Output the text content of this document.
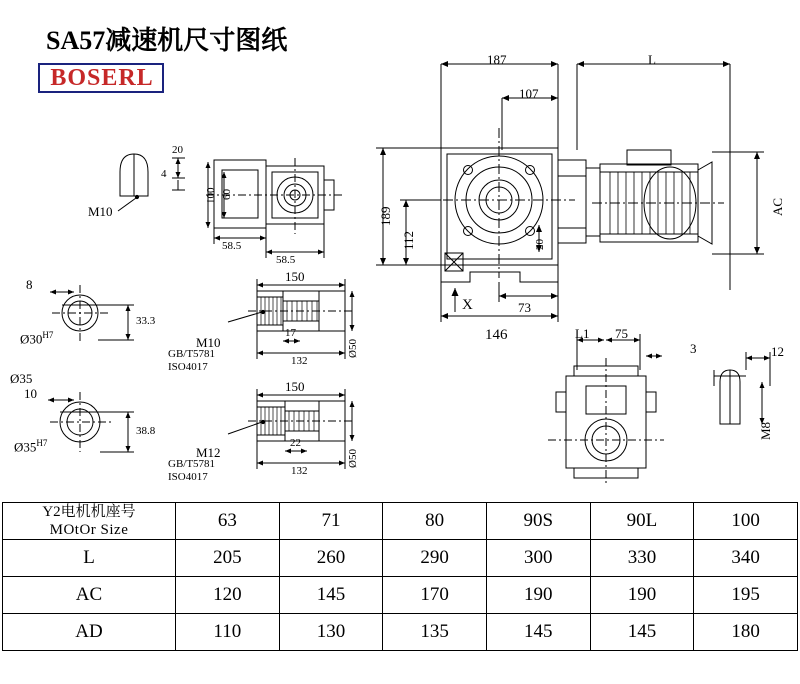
SA57减速机尺寸图纸
BOSERL
187
107
L
189
112
AC
20
146
73
X
20
4
M10
100 60
58.5
58.5
8
$Ø30^{H7}$
33.3
Ø35
10
$Ø35^{H7}$
38.8
150
M10
GB/T5781
ISO4017
17
132
Ø50
150
M12
GB/T5781
ISO4017
22
132
Ø50
L1 75
3	12
M8
Y2电机机座号
MOtOr Size	63	71	80	90S	90L	100
L	205	260	290	300	330	340
AC	120	145	170	190	190	195
AD	110	130	135	145	145	180
